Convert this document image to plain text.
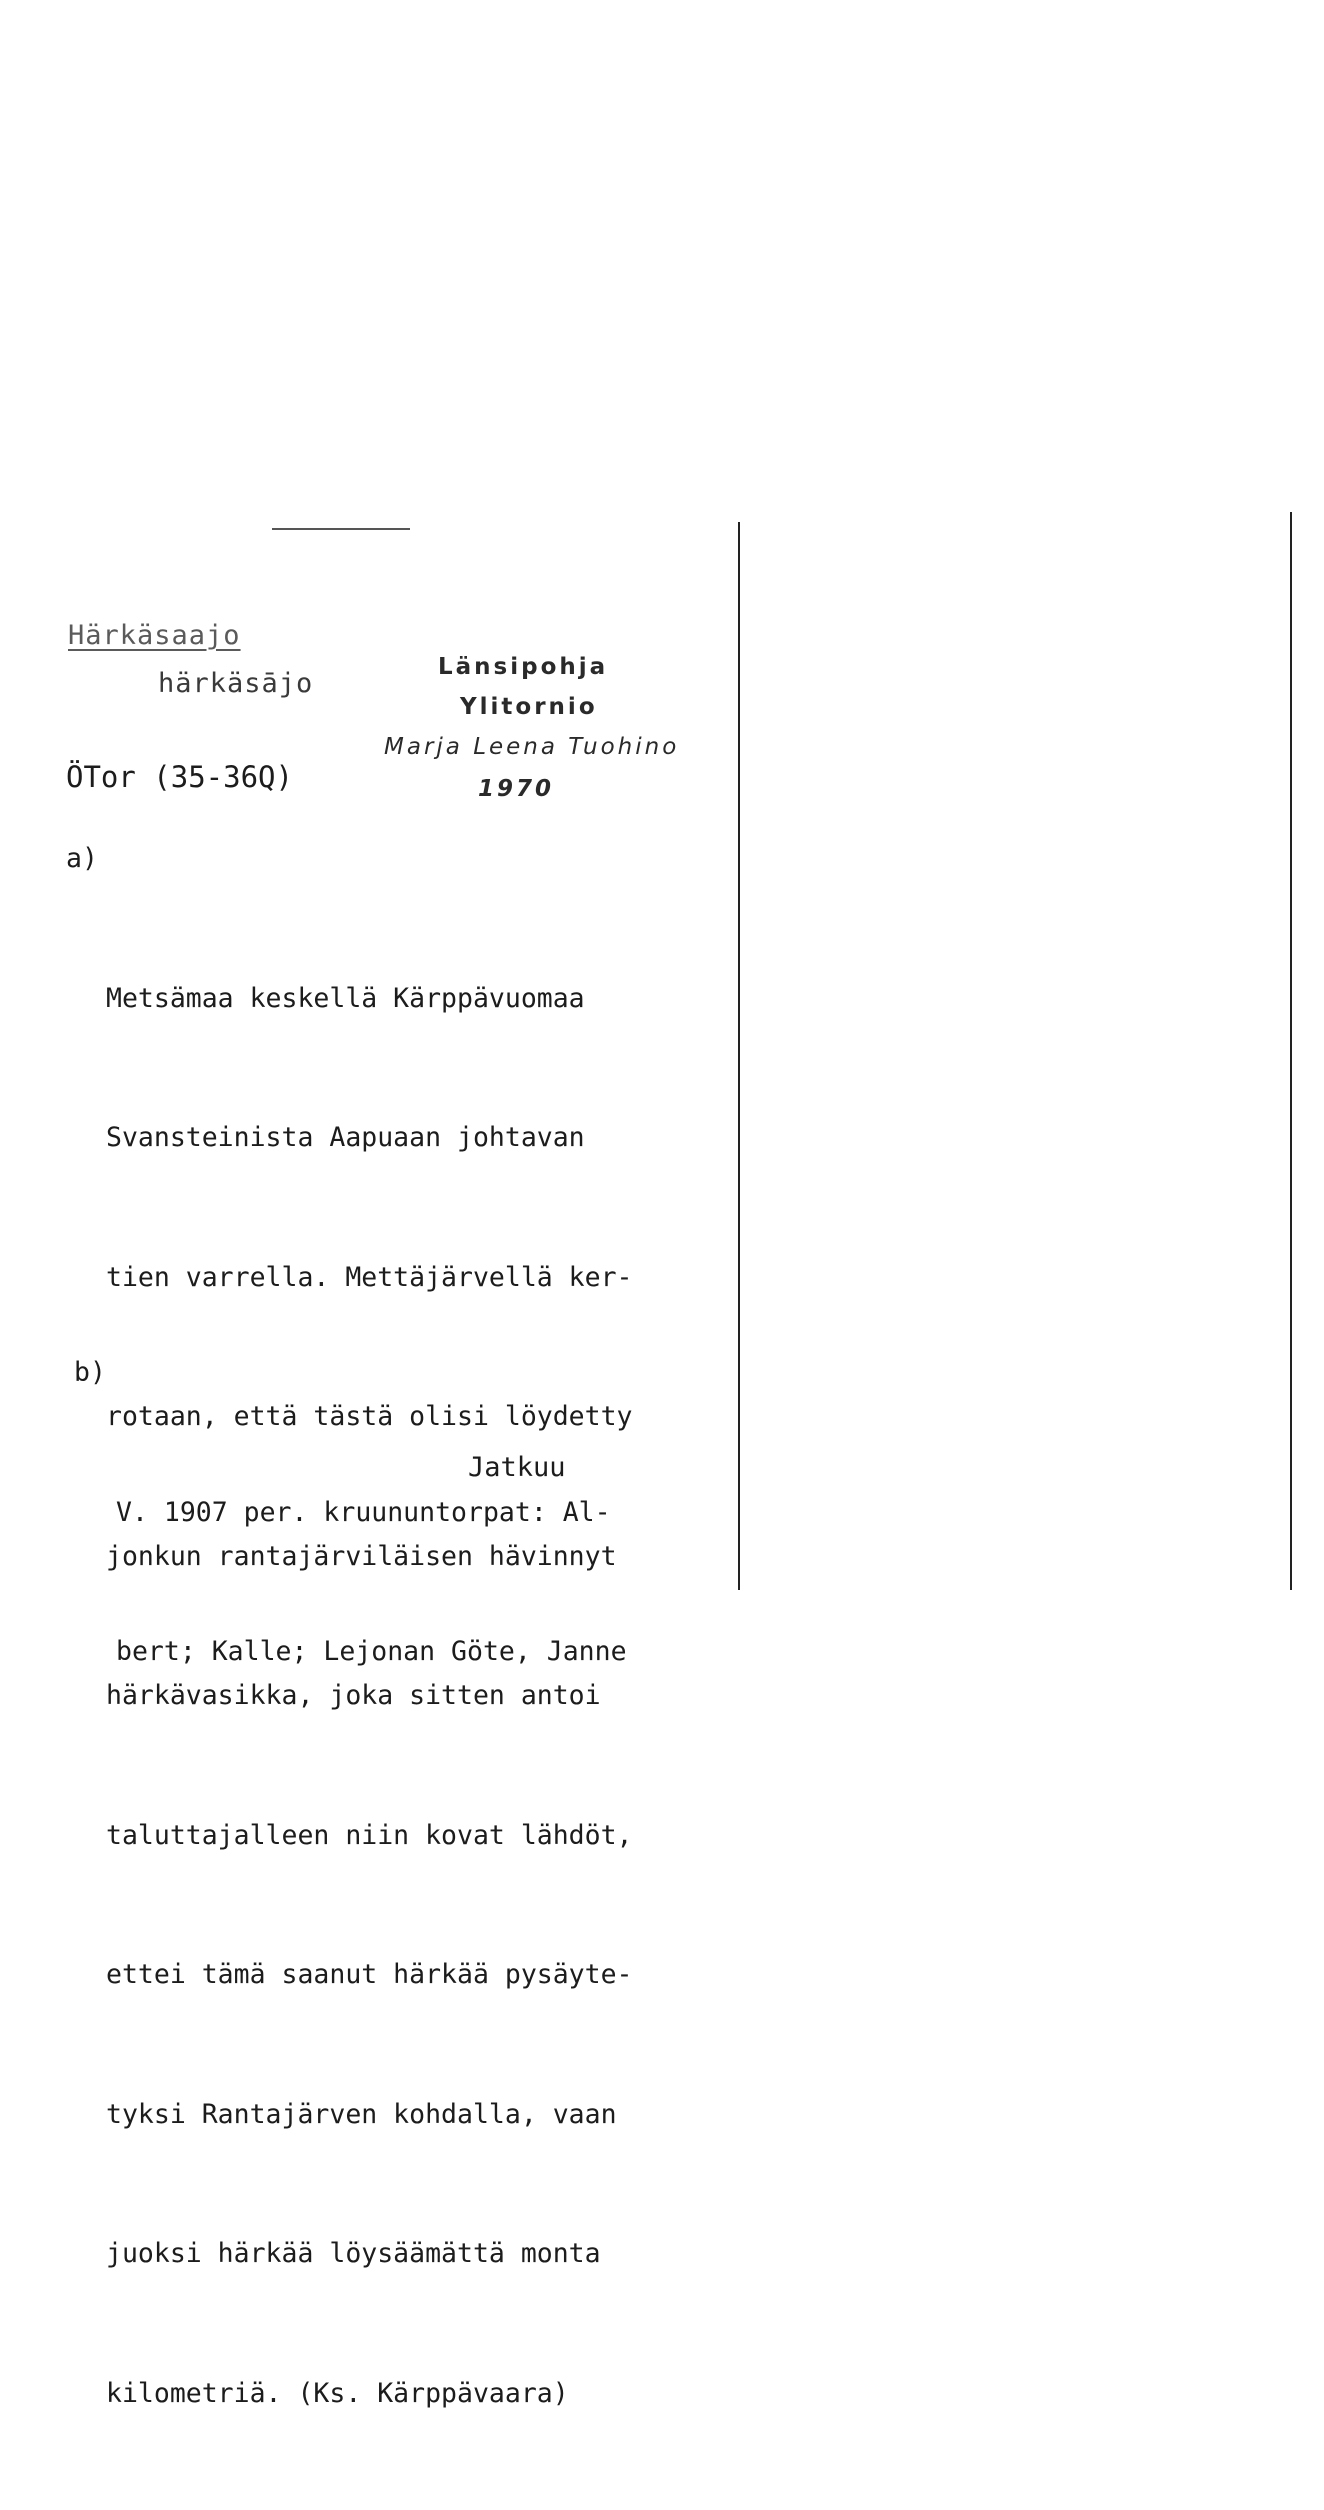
Härkäsaajo
härkäsājo
ÖTor (35-36Q)
Länsipohja
Ylitornio
Marja Leena Tuohino
1970

a)

Metsämaa keskellä Kärppävuomaa

Svansteinista Aapuaan johtavan

tien varrella. Mettäjärvellä ker-

rotaan, että tästä olisi löydetty

jonkun rantajärviläisen hävinnyt

härkävasikka, joka sitten antoi

taluttajalleen niin kovat lähdöt,

ettei tämä saanut härkää pysäyte-

tyksi Rantajärven kohdalla, vaan

juoksi härkää löysäämättä monta

kilometriä. (Ks. Kärppävaara)

b)

V. 1907 per. kruununtorpat: Al-

bert; Kalle; Lejonan Göte, Janne

Jatkuu
